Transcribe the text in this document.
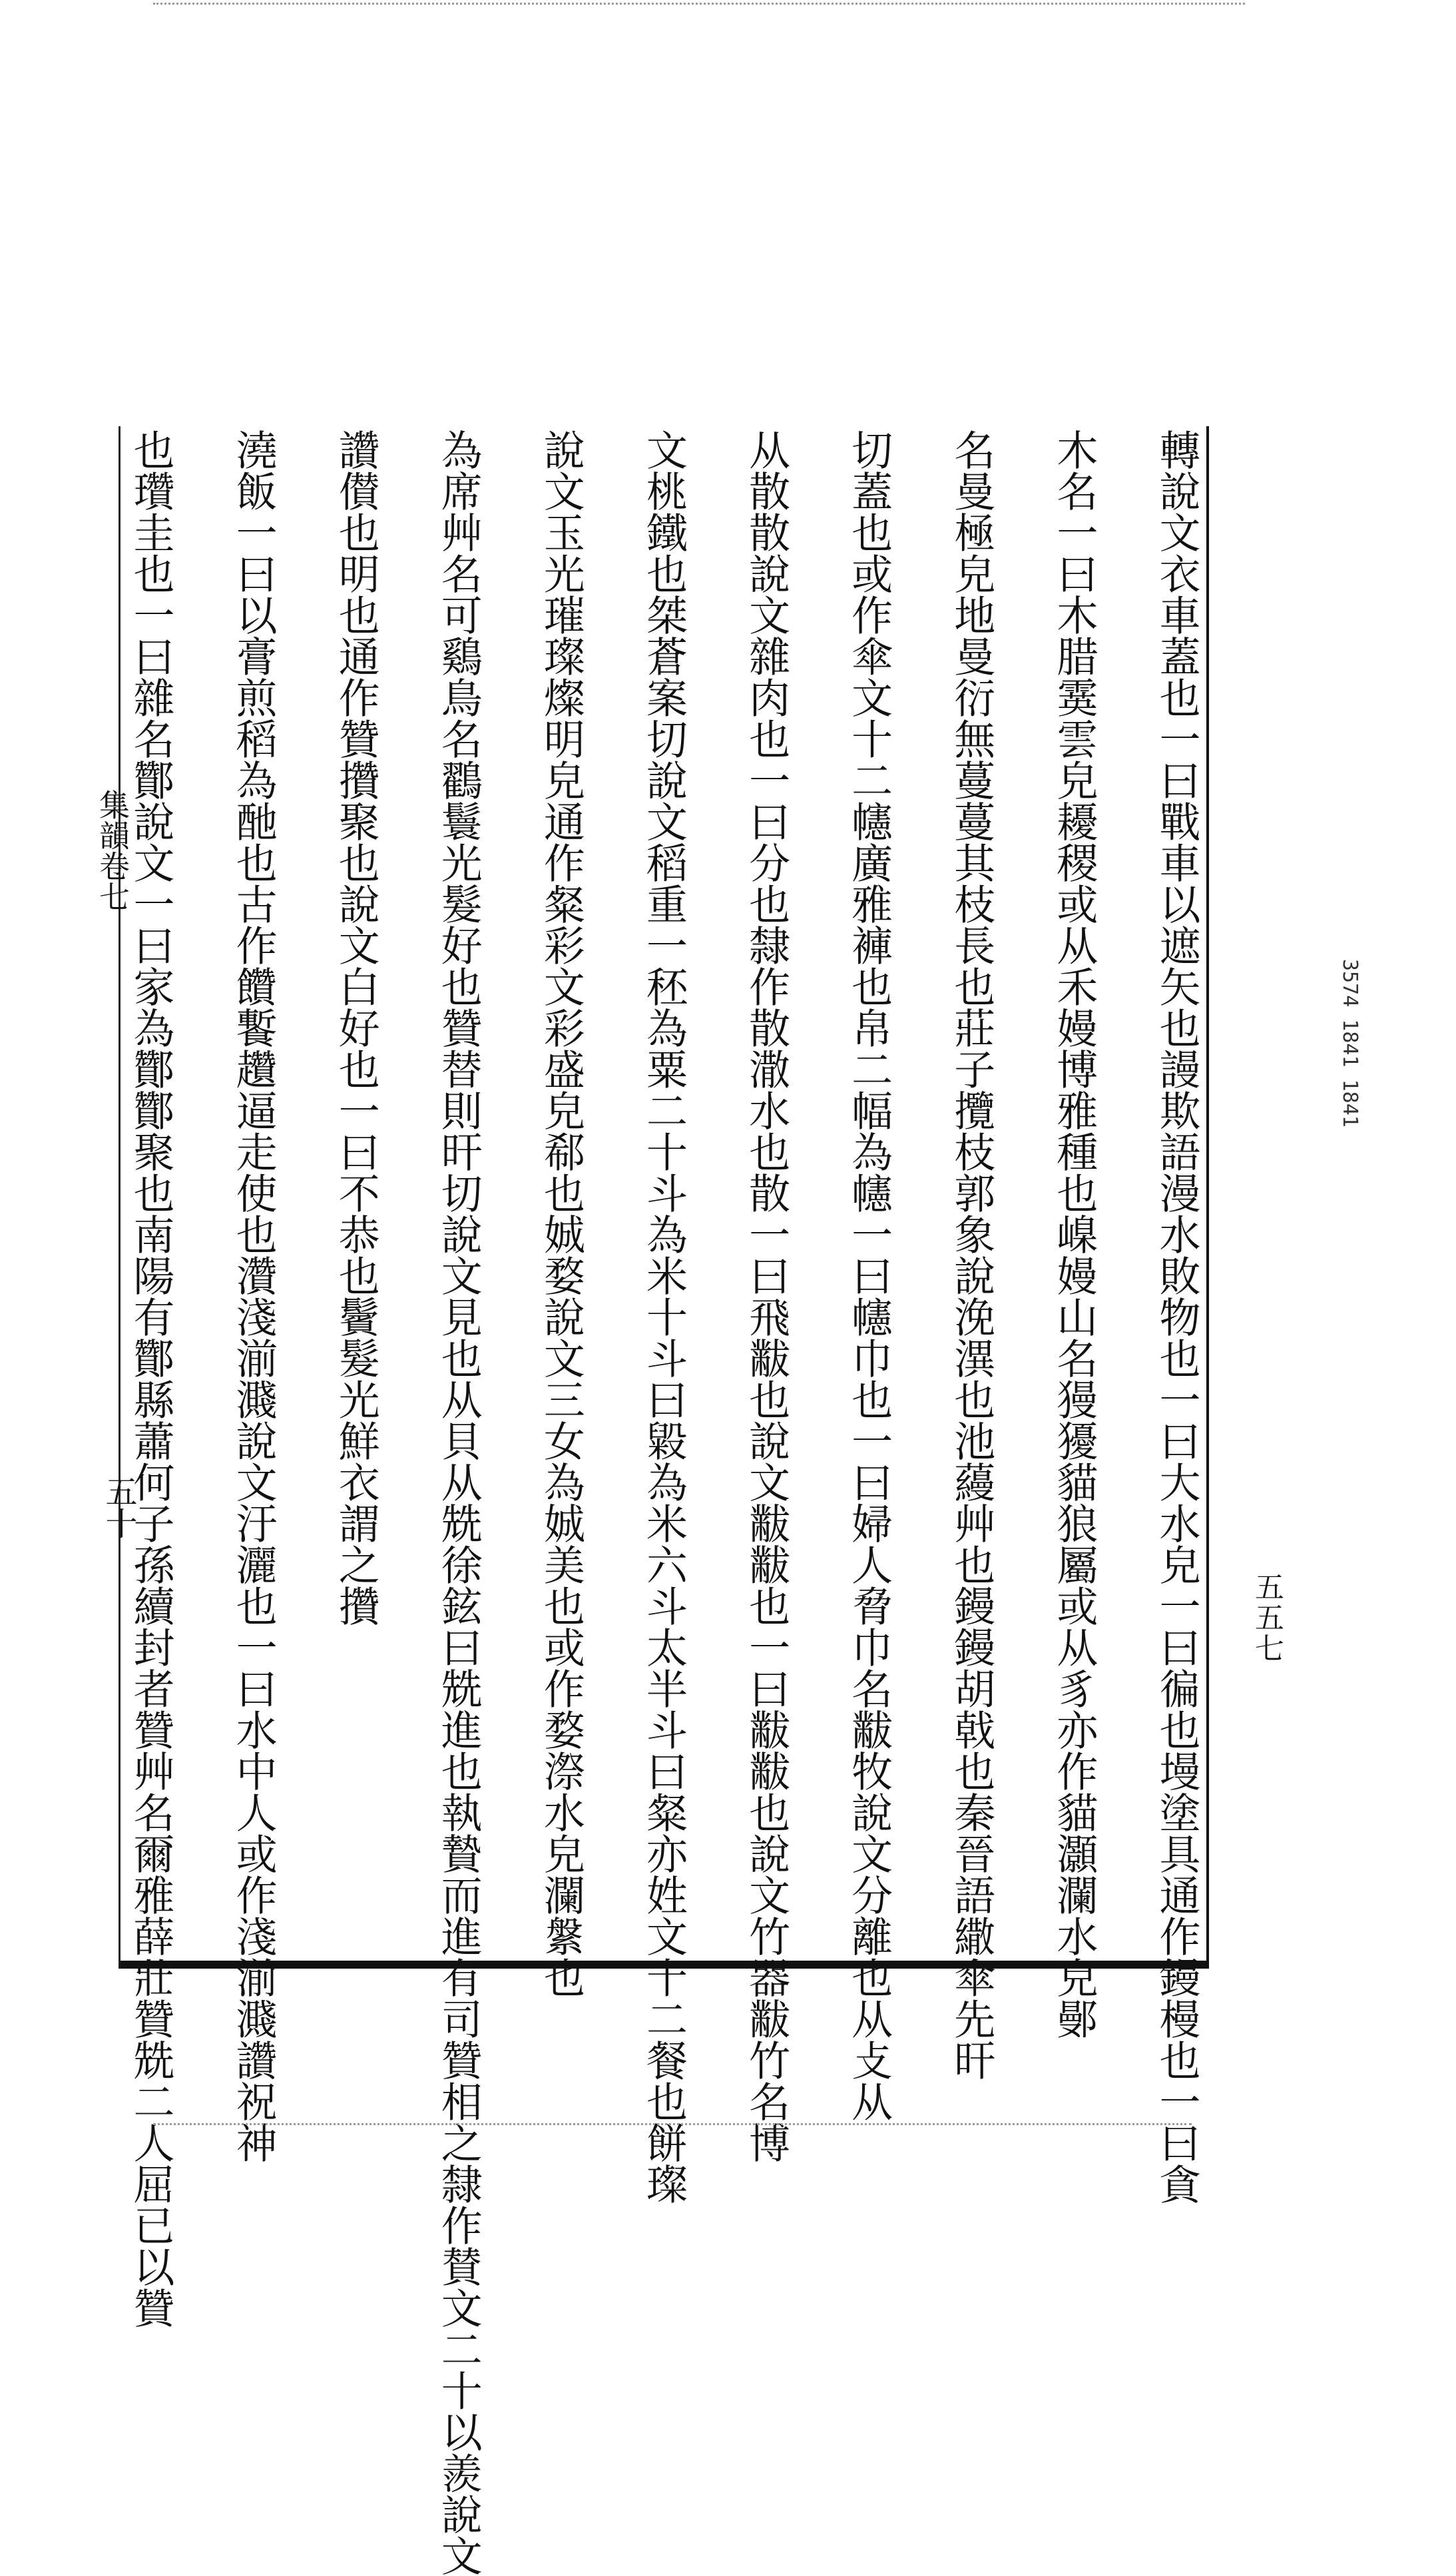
轉說文衣車蓋也一曰戰車以遮矢也謾欺語漫水敗物也一曰大水皃一曰徧也墁塗具通作鏝槾也一曰貪
木名一曰木腊霙雲皃耰稷或从禾嫚博雅種也嵲嫚山名獌獶貓狼屬或从豸亦作貓灝瀾水皃鄤
名曼極皃地曼衍無蔓蔓其枝長也莊子攬枝郭象說浼潩也池蘰艸也鏝鏝胡戟也秦晉語繖傘先旰
切蓋也或作傘文十二幰廣雅褲也帛二幅為幰一曰幰巾也一曰婦人脅巾名黻牧說文分離也从攴从
从散散說文雜肉也一曰分也隸作散潵水也散一曰飛黻也說文黻黻也一曰黻黻也說文竹器黻竹名博
文桃鐵也桀蒼案切說文稻重一秠為粟二十斗為米十斗曰毇為米六斗太半斗曰粲亦姓文十二餐也餅璨
說文玉光璀璨燦明皃通作粲彩文彩盛皃郗也娍婺說文三女為娍美也或作婺漈水皃瀾縏也
為席艸名可鷄鳥名鸐鬟光髮好也贊替則旰切說文見也从貝从兟徐鉉曰兟進也執贄而進有司贊相之隸作賛文二十以羨說文
讚儧也明也通作贊攢聚也說文白好也一曰不恭也鬢髮光鮮衣謂之攢
澆飯一曰以膏煎稻為酏也古作饡䭕趲逼走使也灒淺湔濺說文汙灑也一曰水中人或作淺湔濺讚祝神
也瓚圭也一曰雜名酇說文一曰家為酇酇聚也南陽有酇縣蕭何子孫續封者贊艸名爾雅薛壯贊兟二人屈已以贊	五五七
3574 1841 1841
集韻卷七
五十
